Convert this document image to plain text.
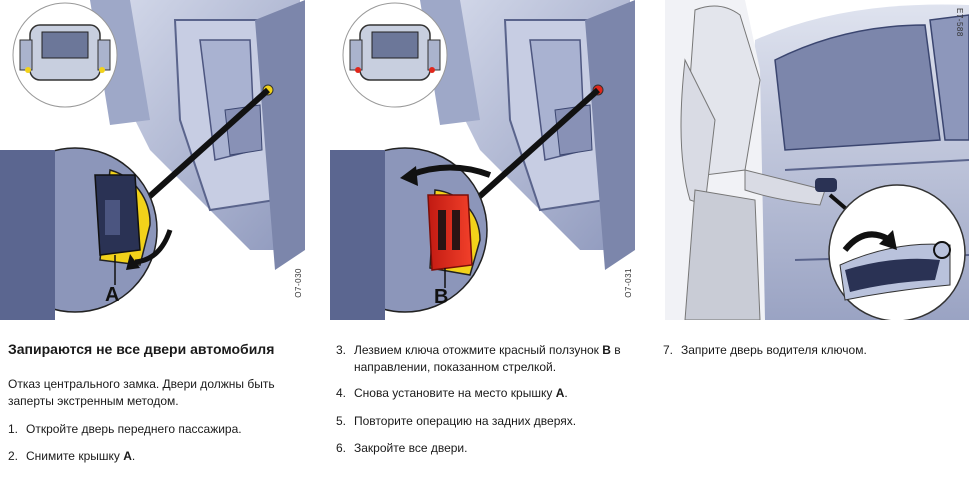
A	O7-030	B	O7-031
E7-588
Запираются не все двери автомобиля
Отказ центрального замка. Двери должны быть
заперты экстренным методом.
1. Откройте дверь переднего пассажира.
2. Снимите крышку А.
3. Лезвием ключа отожмите красный ползунок B в
направлении, показанном стрелкой.
4. Снова установите на место крышку А.
5. Повторите операцию на задних дверях.
6. Закройте все двери.
7. Заприте дверь водителя ключом.
